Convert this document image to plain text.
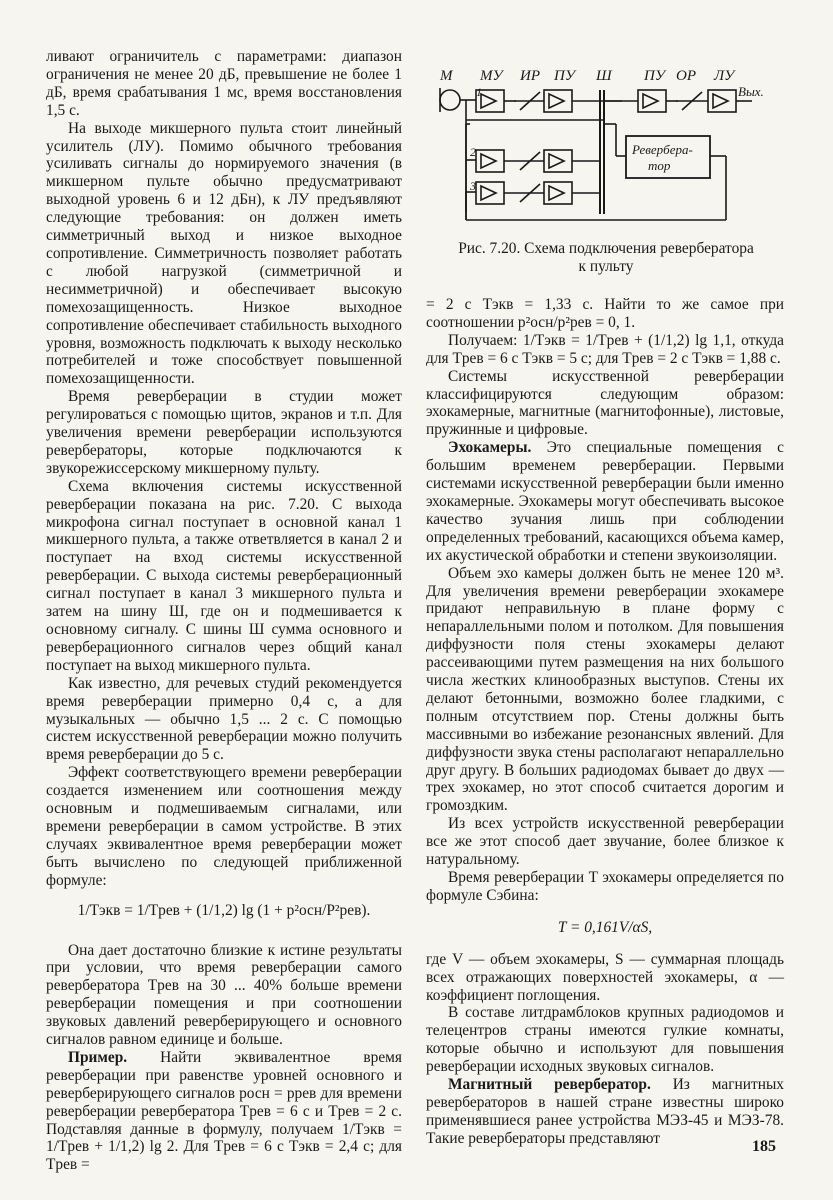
ливают ограничитель с параметрами: диапазон ограничения не менее 20 дБ, превышение не более 1 дБ, время срабатывания 1 мс, время восстановления 1,5 с.

На выходе микшерного пульта стоит линейный усилитель (ЛУ). Помимо обычного требования усиливать сигналы до нормируемого значения (в микшерном пульте обычно предусматривают выходной уровень 6 и 12 дБн), к ЛУ предъявляют следующие требования: он должен иметь симметричный выход и низкое выходное сопротивление. Симметричность позволяет работать с любой нагрузкой (симметричной и несимметричной) и обеспечивает высокую помехозащищенность. Низкое выходное сопротивление обеспечивает стабильность выходного уровня, возможность подключать к выходу несколько потребителей и тоже способствует повышенной помехозащищенности.

Время реверберации в студии может регулироваться с помощью щитов, экранов и т.п. Для увеличения времени реверберации используются ревербераторы, которые подключаются к звукорежиссерскому микшерному пульту.

Схема включения системы искусственной реверберации показана на рис. 7.20. С выхода микрофона сигнал поступает в основной канал 1 микшерного пульта, а также ответвляется в канал 2 и поступает на вход системы искусственной реверберации. С выхода системы реверберационный сигнал поступает в канал 3 микшерного пульта и затем на шину Ш, где он и подмешивается к основному сигналу. С шины Ш сумма основного и реверберационного сигналов через общий канал поступает на выход микшерного пульта.

Как известно, для речевых студий рекомендуется время реверберации примерно 0,4 с, а для музыкальных — обычно 1,5 ... 2 с. С помощью систем искусственной реверберации можно получить время реверберации до 5 с.

Эффект соответствующего времени реверберации создается изменением или соотношения между основным и подмешиваемым сигналами, или времени реверберации в самом устройстве. В этих случаях эквивалентное время реверберации может быть вычислено по следующей приближенной формуле:

1/Tэкв = 1/Tрев + (1/1,2) lg (1 + p²осн/P²рев).

Она дает достаточно близкие к истине результаты при условии, что время реверберации самого ревербератора Tрев на 30 ... 40% больше времени реверберации помещения и при соотношении звуковых давлений реверберирующего и основного сигналов равном единице и больше.

Пример. Найти эквивалентное время реверберации при равенстве уровней основного и реверберирующего сигналов pосн = pрев для времени реверберации ревербератора Tрев = 6 с и Tрев = 2 с. Подставляя данные в формулу, получаем 1/Tэкв = 1/Tрев + 1/1,2) lg 2. Для Tрев = 6 с Tэкв = 2,4 с; для Tрев =

М МУ ИР ПУ Ш ПУ ОР ЛУ
Вых.
1
2
3
Ревербера-
тор
Рис. 7.20. Схема подключения ревербератора
к пульту

= 2 с Tэкв = 1,33 с. Найти то же самое при соотношении p²осн/p²рев = 0, 1.

Получаем: 1/Tэкв = 1/Tрев + (1/1,2) lg 1,1, откуда для Tрев = 6 с Tэкв = 5 с; для Tрев = 2 с Tэкв = 1,88 с.

Системы искусственной реверберации классифицируются следующим образом: эхокамерные, магнитные (магнитофонные), листовые, пружинные и цифровые.

Эхокамеры. Это специальные помещения с большим временем реверберации. Первыми системами искусственной реверберации были именно эхокамерные. Эхокамеры могут обеспечивать высокое качество зучания лишь при соблюдении определенных требований, касающихся объема камер, их акустической обработки и степени звукоизоляции.

Объем эхо камеры должен быть не менее 120 м³. Для увеличения времени реверберации эхокамере придают неправильную в плане форму с непараллельными полом и потолком. Для повышения диффузности поля стены эхокамеры делают рассеивающими путем размещения на них большого числа жестких клинообразных выступов. Стены их делают бетонными, возможно более гладкими, с полным отсутствием пор. Стены должны быть массивными во избежание резонансных явлений. Для диффузности звука стены располагают непараллельно друг другу. В больших радиодомах бывает до двух — трех эхокамер, но этот способ считается дорогим и громоздким.

Из всех устройств искусственной реверберации все же этот способ дает звучание, более близкое к натуральному.

Время реверберации T эхокамеры определяется по формуле Сэбина:

T = 0,161V/αS,

где V — объем эхокамеры, S — суммарная площадь всех отражающих поверхностей эхокамеры, α — коэффициент поглощения.

В составе литдрамблоков крупных радиодомов и телецентров страны имеются гулкие комнаты, которые обычно и используют для повышения реверберации исходных звуковых сигналов.

Магнитный ревербератор. Из магнитных ревербераторов в нашей стране известны широко применявшиеся ранее устройства МЭЗ-45 и МЭЗ-78. Такие ревербераторы представляют	185
